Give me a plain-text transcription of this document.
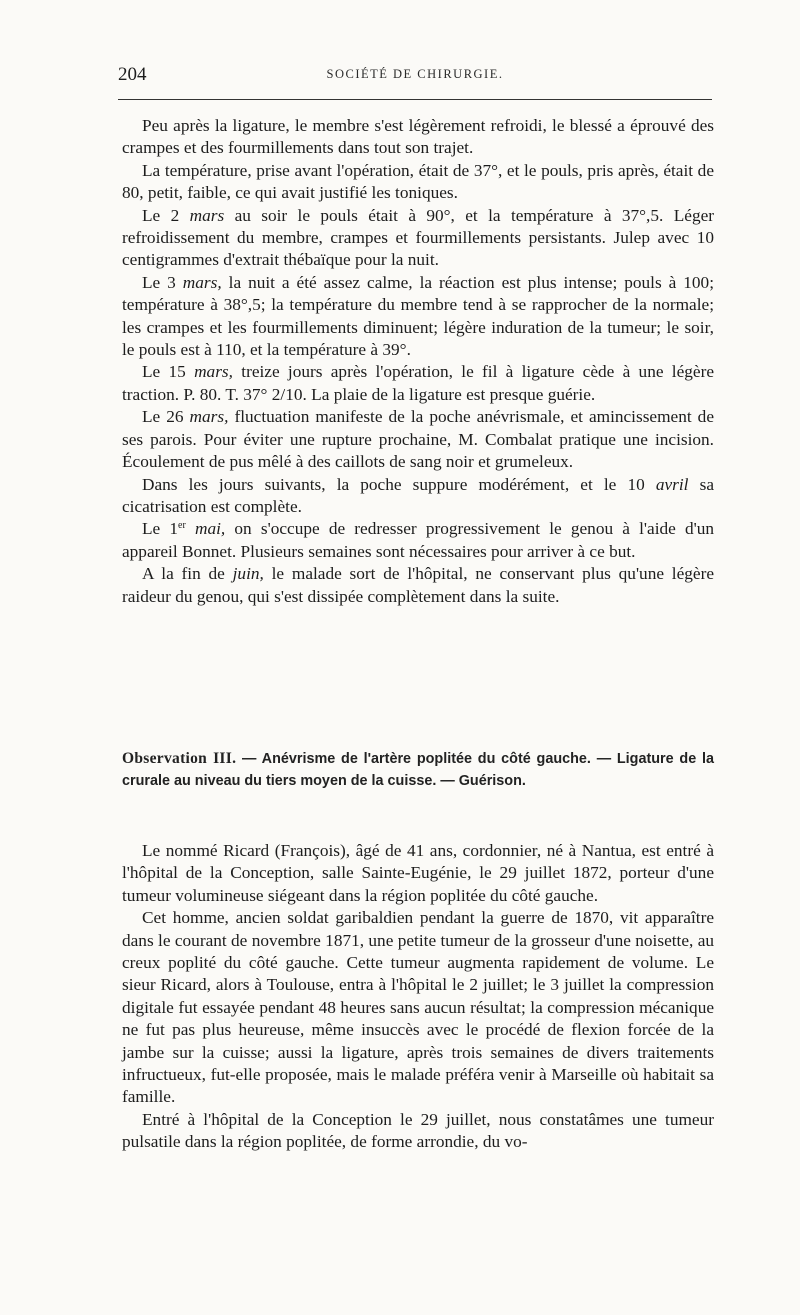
204	SOCIÉTÉ DE CHIRURGIE.

Peu après la ligature, le membre s'est légèrement refroidi, le blessé a éprouvé des crampes et des fourmillements dans tout son trajet.

La température, prise avant l'opération, était de 37°, et le pouls, pris après, était de 80, petit, faible, ce qui avait justifié les toniques.

Le 2 mars au soir le pouls était à 90°, et la température à 37°,5. Léger refroidissement du membre, crampes et fourmillements persistants. Julep avec 10 centigrammes d'extrait thébaïque pour la nuit.

Le 3 mars, la nuit a été assez calme, la réaction est plus intense; pouls à 100; température à 38°,5; la température du membre tend à se rapprocher de la normale; les crampes et les fourmillements diminuent; légère induration de la tumeur; le soir, le pouls est à 110, et la température à 39°.

Le 15 mars, treize jours après l'opération, le fil à ligature cède à une légère traction. P. 80. T. 37° 2/10. La plaie de la ligature est presque guérie.

Le 26 mars, fluctuation manifeste de la poche anévrismale, et amincissement de ses parois. Pour éviter une rupture prochaine, M. Combalat pratique une incision. Écoulement de pus mêlé à des caillots de sang noir et grumeleux.

Dans les jours suivants, la poche suppure modérément, et le 10 avril sa cicatrisation est complète.

Le 1er mai, on s'occupe de redresser progressivement le genou à l'aide d'un appareil Bonnet. Plusieurs semaines sont nécessaires pour arriver à ce but.

A la fin de juin, le malade sort de l'hôpital, ne conservant plus qu'une légère raideur du genou, qui s'est dissipée complètement dans la suite.

Observation III. — Anévrisme de l'artère poplitée du côté gauche. — Ligature de la crurale au niveau du tiers moyen de la cuisse. — Guérison.

Le nommé Ricard (François), âgé de 41 ans, cordonnier, né à Nantua, est entré à l'hôpital de la Conception, salle Sainte-Eugénie, le 29 juillet 1872, porteur d'une tumeur volumineuse siégeant dans la région poplitée du côté gauche.

Cet homme, ancien soldat garibaldien pendant la guerre de 1870, vit apparaître dans le courant de novembre 1871, une petite tumeur de la grosseur d'une noisette, au creux poplité du côté gauche. Cette tumeur augmenta rapidement de volume. Le sieur Ricard, alors à Toulouse, entra à l'hôpital le 2 juillet; le 3 juillet la compression digitale fut essayée pendant 48 heures sans aucun résultat; la compression mécanique ne fut pas plus heureuse, même insuccès avec le procédé de flexion forcée de la jambe sur la cuisse; aussi la ligature, après trois semaines de divers traitements infructueux, fut-elle proposée, mais le malade préféra venir à Marseille où habitait sa famille.

Entré à l'hôpital de la Conception le 29 juillet, nous constatâmes une tumeur pulsatile dans la région poplitée, de forme arrondie, du vo-
